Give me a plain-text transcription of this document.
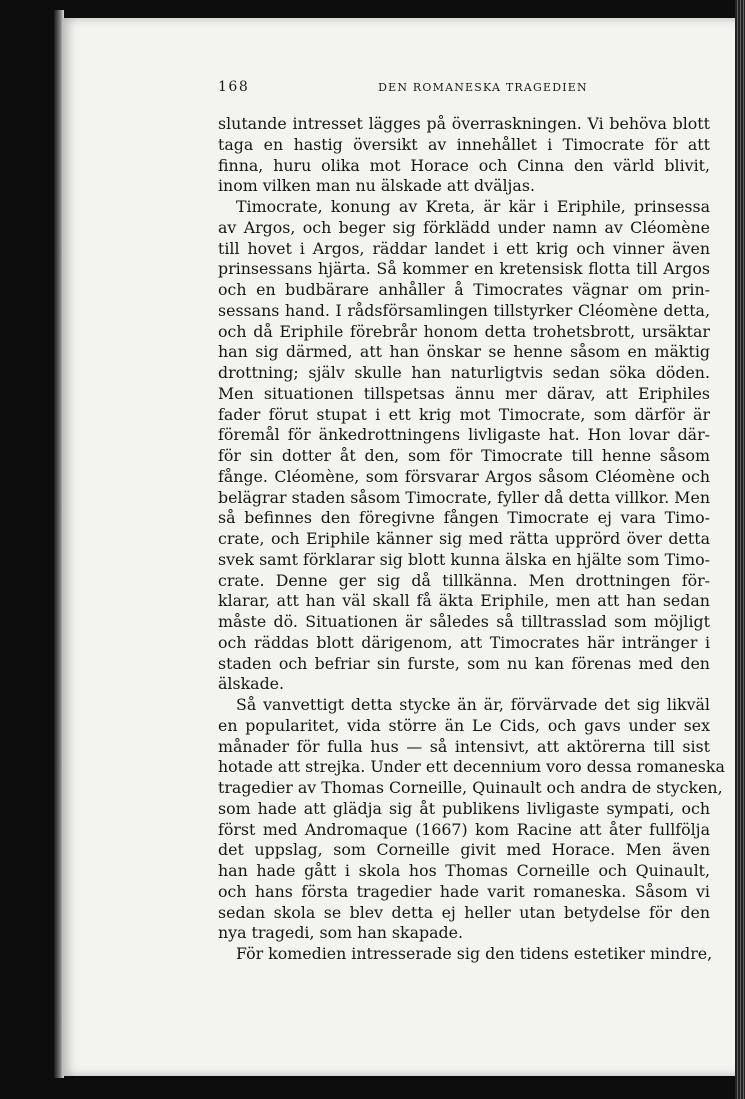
168	DEN ROMANESKA TRAGEDIEN
slutande intresset lägges på överraskningen. Vi behöva blott
taga en hastig översikt av innehållet i Timocrate för att
finna, huru olika mot Horace och Cinna den värld blivit,
inom vilken man nu älskade att dväljas.
Timocrate, konung av Kreta, är kär i Eriphile, prinsessa
av Argos, och beger sig förklädd under namn av Cléomène
till hovet i Argos, räddar landet i ett krig och vinner även
prinsessans hjärta. Så kommer en kretensisk flotta till Argos
och en budbärare anhåller å Timocrates vägnar om prin-
sessans hand. I rådsförsamlingen tillstyrker Cléomène detta,
och då Eriphile förebrår honom detta trohetsbrott, ursäktar
han sig därmed, att han önskar se henne såsom en mäktig
drottning; själv skulle han naturligtvis sedan söka döden.
Men situationen tillspetsas ännu mer därav, att Eriphiles
fader förut stupat i ett krig mot Timocrate, som därför är
föremål för änkedrottningens livligaste hat. Hon lovar där-
för sin dotter åt den, som för Timocrate till henne såsom
fånge. Cléomène, som försvarar Argos såsom Cléomène och
belägrar staden såsom Timocrate, fyller då detta villkor. Men
så befinnes den föregivne fången Timocrate ej vara Timo-
crate, och Eriphile känner sig med rätta upprörd över detta
svek samt förklarar sig blott kunna älska en hjälte som Timo-
crate. Denne ger sig då tillkänna. Men drottningen för-
klarar, att han väl skall få äkta Eriphile, men att han sedan
måste dö. Situationen är således så tilltrasslad som möjligt
och räddas blott därigenom, att Timocrates här intränger i
staden och befriar sin furste, som nu kan förenas med den
älskade.
Så vanvettigt detta stycke än är, förvärvade det sig likväl
en popularitet, vida större än Le Cids, och gavs under sex
månader för fulla hus — så intensivt, att aktörerna till sist
hotade att strejka. Under ett decennium voro dessa romaneska
tragedier av Thomas Corneille, Quinault och andra de stycken,
som hade att glädja sig åt publikens livligaste sympati, och
först med Andromaque (1667) kom Racine att åter fullfölja
det uppslag, som Corneille givit med Horace. Men även
han hade gått i skola hos Thomas Corneille och Quinault,
och hans första tragedier hade varit romaneska. Såsom vi
sedan skola se blev detta ej heller utan betydelse för den
nya tragedi, som han skapade.
För komedien intresserade sig den tidens estetiker mindre,
